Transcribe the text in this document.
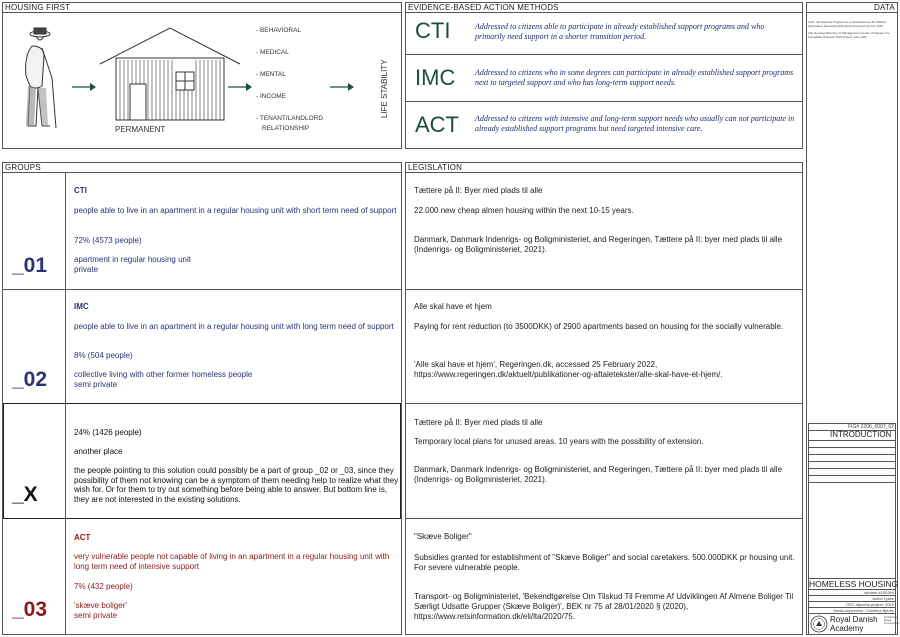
HOUSING FIRST
PERMANENT
- BEHAVIORAL
- MEDICAL
- MENTAL
- INCOME
- TENANT/LANDLORD
RELATIONSHIP
LIFE STABILITY
EVIDENCE-BASED ACTION METHODS
CTI	Addressed to citizens able to participate in already established support programs and who primarily need support in a shorter transition period.
IMC Addressed to citizens who in some degrees can participate in already established support programs next to targeted support and who has long-term support needs.
ACT Addressed to citizens with intensive and long-term support needs who usually can not participate in already established support programs but need targeted intensive care.
DATA
Cuth, the National Program as a homelessness for Welfare Vaccination Denmark 2019 (and full-long-long) Jun 2019
The Housing Directory of Management Center of Refusal, the Immediate Oriented 2016 Project, who 2021
FIG# 2206_0007_02
INTRODUCTION
HOMELESS HOUSING
student #150394
Astrid Lykke
DSC diploma project, 2022
thesis supervisor: Christina Bjerke
Royal Danish
Academy
Architecture Design Conservation
GROUPS
CTI
people able to live in an apartment in a regular housing unit with short term need of support
72% (4573 people)
apartment in regular housing unit
private
_01
IMC
people able to live in an apartment in a regular housing unit with long term need of support
8% (504 people)
collective living with other former homeless people
semi private
_02
24% (1426 people)
another place
the people pointing to this solution could possibly be a part of group _02 or _03, since they possibility of them not knowing can be a symptom of them needing help to realize what they wish for. Or for them to try out something before being able to answer. But bottom line is, they are not interested in the existing solutions.
_X
ACT
very vulnerable people not capable of living in an apartment in a regular housing unit with long term need of intensive support
7% (432 people)
'skæve boliger'
semi private
_03
LEGISLATION
Tættere på II: Byer med plads til alle
22.000 new cheap almen housing within the next 10-15 years.
Danmark, Danmark Indenrigs- og Boligministeriet, and Regeringen, Tættere på II: byer med plads til alle (Indenrigs- og Boligministeriet, 2021).
Alle skal have et hjem
Paying for rent reduction (to 3500DKK) of 2900 apartments based on housing for the socially vulnerable.
'Alle skal have et hjem', Regeringen.dk, accessed 25 February 2022, https://www.regeringen.dk/aktuelt/publikationer-og-aftaletekster/alle-skal-have-et-hjem/.
Tættere på II: Byer med plads til alle
Temporary local plans for unused areas. 10 years with the possibility of extension.
Danmark, Danmark Indenrigs- og Boligministeriet, and Regeringen, Tættere på II: byer med plads til alle (Indenrigs- og Boligministeriet, 2021).
"Skæve Boliger"
Subsidies granted for establishment of "Skæve Boliger" and social caretakers. 500.000DKK pr housing unit. For severe vulnerable people.
Transport- og Boligministeriet, 'Bekendtgørelse Om Tilskud Til Fremme Af Udviklingen Af Almene Boliger Til Særligt Udsatte Grupper (Skæve Boliger)', BEK nr 75 af 28/01/2020 § (2020), https://www.retsinformation.dk/eli/lta/2020/75.
